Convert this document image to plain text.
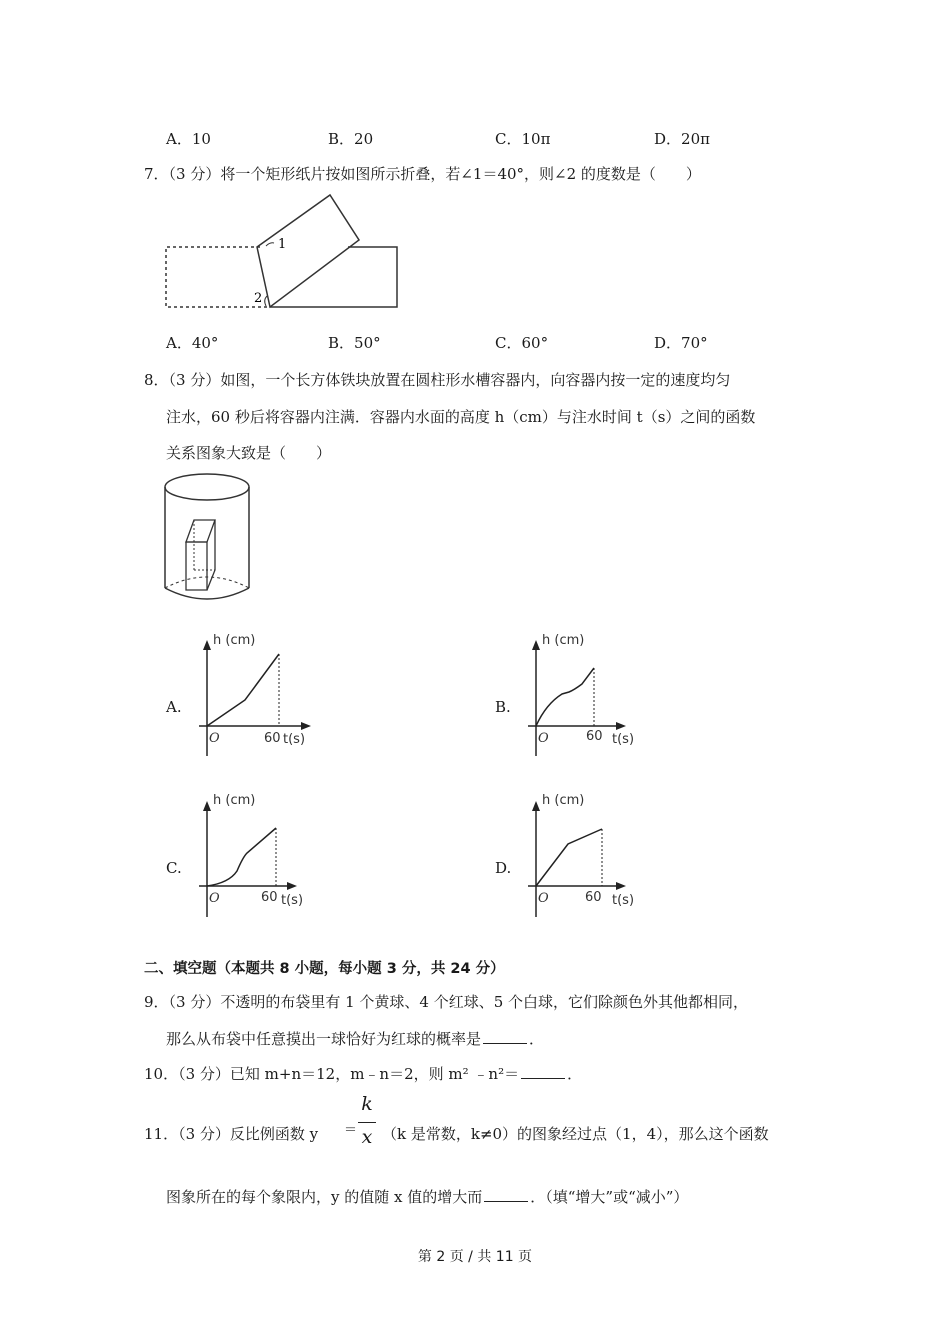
A．10	B．20	C．10π	D．20π
7．（3 分）将一个矩形纸片按如图所示折叠，若∠1＝40°，则∠2 的度数是（　　）
1
2
A．40°	B．50°	C．60°	D．70°
8．（3 分）如图，一个长方体铁块放置在圆柱形水槽容器内，向容器内按一定的速度均匀
注水，60 秒后将容器内注满．容器内水面的高度 h（cm）与注水时间 t（s）之间的函数
关系图象大致是（　　）
A.	B.
C.	D.
h (cm)
O	60 t(s)
h (cm)
O	60 t(s)
h (cm)
O	60 t(s)
h (cm)
O	60 t(s)
二、填空题（本题共 8 小题，每小题 3 分，共 24 分）
9．（3 分）不透明的布袋里有 1 个黄球、4 个红球、5 个白球，它们除颜色外其他都相同，
那么从布袋中任意摸出一球恰好为红球的概率是	．
10．（3 分）已知 m+n＝12，m﹣n＝2，则 m² ﹣n²＝	．
11．（3 分）反比例函数 y ＝
k
x （k 是常数，k≠0）的图象经过点（1，4），那么这个函数
图象所在的每个象限内，y 的值随 x 值的增大而	．（填“增大”或“减小”）
第 2 页 / 共 11 页
